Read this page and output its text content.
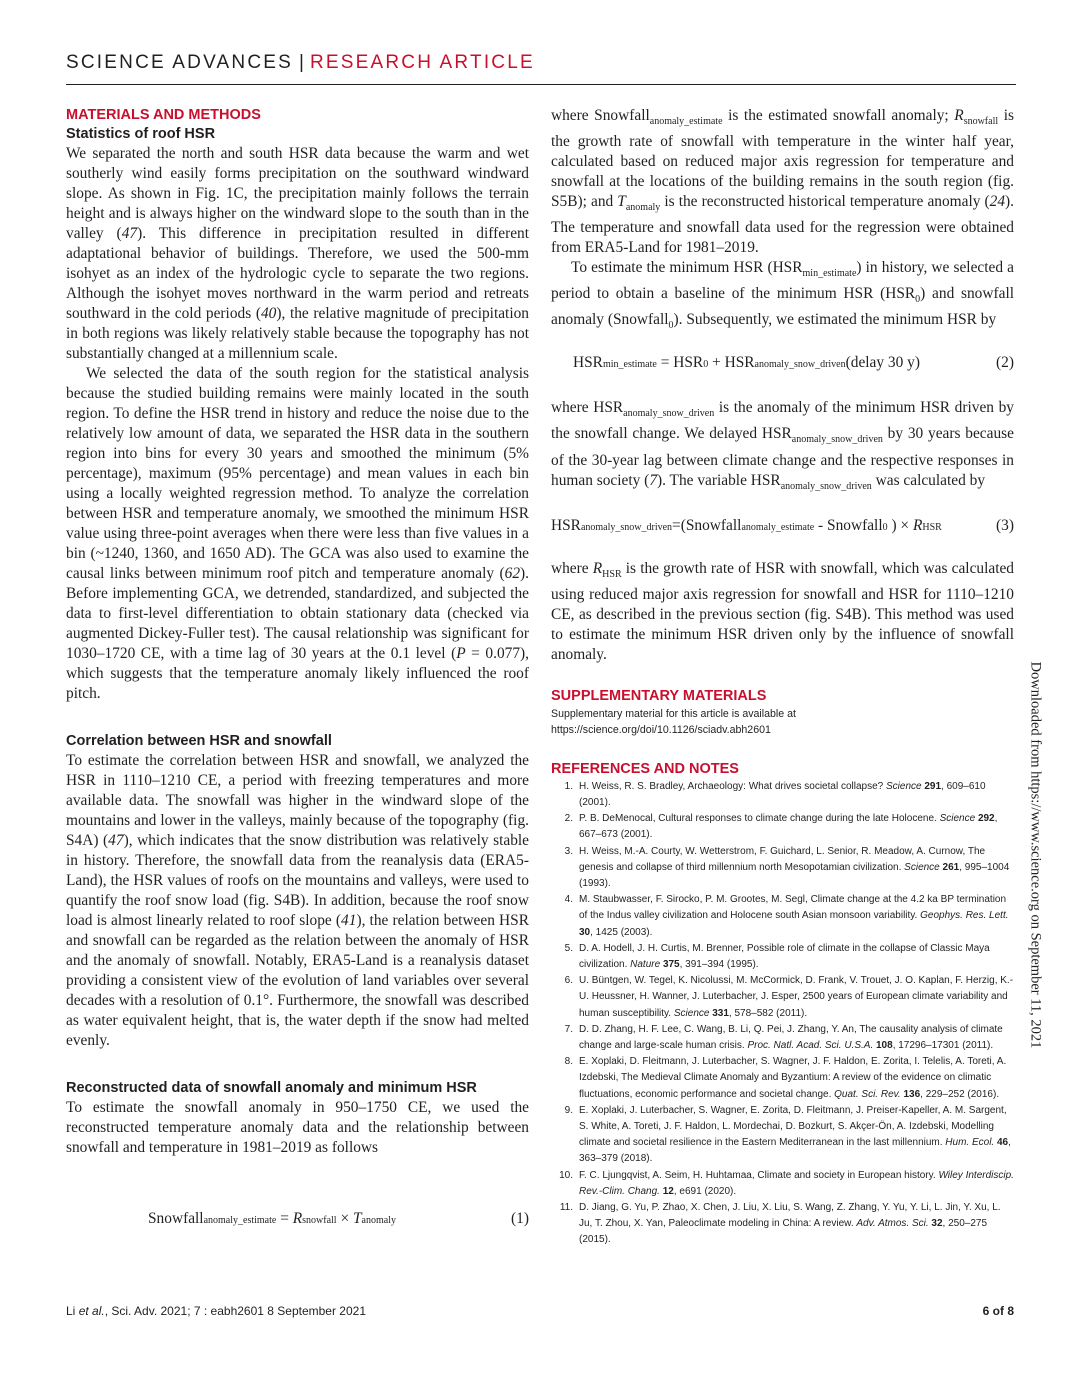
SCIENCE ADVANCES | RESEARCH ARTICLE
MATERIALS AND METHODS
Statistics of roof HSR

We separated the north and south HSR data because the warm and wet southerly wind easily forms precipitation on the southward windward slope. As shown in Fig. 1C, the precipitation mainly follows the terrain height and is always higher on the windward slope to the south than in the valley (47). This difference in precipitation resulted in different adaptational behavior of buildings. Therefore, we used the 500-mm isohyet as an index of the hydrologic cycle to separate the two regions. Although the isohyet moves northward in the warm period and retreats southward in the cold periods (40), the relative magnitude of precipitation in both regions was likely relatively stable because the topography has not substantially changed at a millennium scale.

We selected the data of the south region for the statistical analysis because the studied building remains were mainly located in the south region. To define the HSR trend in history and reduce the noise due to the relatively low amount of data, we separated the HSR data in the southern region into bins for every 30 years and smoothed the minimum (5% percentage), maximum (95% percentage) and mean values in each bin using a locally weighted regression method. To analyze the correlation between HSR and temperature anomaly, we smoothed the minimum HSR value using three-point averages when there were less than five values in a bin (~1240, 1360, and 1650 AD). The GCA was also used to examine the causal links between minimum roof pitch and temperature anomaly (62). Before implementing GCA, we detrended, standardized, and subjected the data to first-level differentiation to obtain stationary data (checked via augmented Dickey-Fuller test). The causal relationship was significant for 1030–1720 CE, with a time lag of 30 years at the 0.1 level (P = 0.077), which suggests that the temperature anomaly likely influenced the roof pitch.

Correlation between HSR and snowfall

To estimate the correlation between HSR and snowfall, we analyzed the HSR in 1110–1210 CE, a period with freezing temperatures and more available data. The snowfall was higher in the windward slope of the mountains and lower in the valleys, mainly because of the topography (fig. S4A) (47), which indicates that the snow distribution was relatively stable in history. Therefore, the snowfall data from the reanalysis data (ERA5-Land), the HSR values of roofs on the mountains and valleys, were used to quantify the roof snow load (fig. S4B). In addition, because the roof snow load is almost linearly related to roof slope (41), the relation between HSR and snowfall can be regarded as the relation between the anomaly of HSR and the anomaly of snowfall. Notably, ERA5-Land is a reanalysis dataset providing a consistent view of the evolution of land variables over several decades with a resolution of 0.1°. Furthermore, the snowfall was described as water equivalent height, that is, the water depth if the snow had melted evenly.

Reconstructed data of snowfall anomaly and minimum HSR

To estimate the snowfall anomaly in 950–1750 CE, we used the reconstructed temperature anomaly data and the relationship between snowfall and temperature in 1981–2019 as follows

Snowfall anomaly_estimate = R snowfall × T anomaly	(1)

where Snowfall$_{anomaly\_estimate}$ is the estimated snowfall anomaly; $R_{snowfall}$ is the growth rate of snowfall with temperature in the winter half year, calculated based on reduced major axis regression for temperature and snowfall at the locations of the building remains in the south region (fig. S5B); and $T_{anomaly}$ is the reconstructed historical temperature anomaly (24). The temperature and snowfall data used for the regression were obtained from ERA5-Land for 1981–2019.

To estimate the minimum HSR $(HSR_{min\_estimate})$ in history, we selected a period to obtain a baseline of the minimum HSR $(HSR_0)$ and snowfall anomaly (Snowfall$_0$). Subsequently, we estimated the minimum HSR by

HSR min_estimate = HSR 0 + HSR anomaly_snow_driven (delay 30 y)	(2)

where $HSR_{anomaly\_snow\_driven}$ is the anomaly of the minimum HSR driven by the snowfall change. We delayed $HSR_{anomaly\_snow\_driven}$ by 30 years because of the 30-year lag between climate change and the respective responses in human society (7). The variable $HSR_{anomaly\_snow\_driven}$ was calculated by

HSR anomaly_snow_driven =( Snowfall anomaly_estimate - Snowfall 0 ) × R HSR	(3)

where $R_{HSR}$ is the growth rate of HSR with snowfall, which was calculated using reduced major axis regression for snowfall and HSR for 1110–1210 CE, as described in the previous section (fig. S4B). This method was used to estimate the minimum HSR driven only by the influence of snowfall anomaly.

SUPPLEMENTARY MATERIALS

Supplementary material for this article is available at https://science.org/doi/10.1126/sciadv.abh2601

REFERENCES AND NOTES
1. H. Weiss, R. S. Bradley, Archaeology: What drives societal collapse? Science 291, 609–610 (2001).
2. P. B. DeMenocal, Cultural responses to climate change during the late Holocene. Science 292, 667–673 (2001).
3. H. Weiss, M.-A. Courty, W. Wetterstrom, F. Guichard, L. Senior, R. Meadow, A. Curnow, The genesis and collapse of third millennium north Mesopotamian civilization. Science 261, 995–1004 (1993).
4. M. Staubwasser, F. Sirocko, P. M. Grootes, M. Segl, Climate change at the 4.2 ka BP termination of the Indus valley civilization and Holocene south Asian monsoon variability. Geophys. Res. Lett. 30, 1425 (2003).
5. D. A. Hodell, J. H. Curtis, M. Brenner, Possible role of climate in the collapse of Classic Maya civilization. Nature 375, 391–394 (1995).
6. U. Büntgen, W. Tegel, K. Nicolussi, M. McCormick, D. Frank, V. Trouet, J. O. Kaplan, F. Herzig, K.-U. Heussner, H. Wanner, J. Luterbacher, J. Esper, 2500 years of European climate variability and human susceptibility. Science 331, 578–582 (2011).
7. D. D. Zhang, H. F. Lee, C. Wang, B. Li, Q. Pei, J. Zhang, Y. An, The causality analysis of climate change and large-scale human crisis. Proc. Natl. Acad. Sci. U.S.A. 108, 17296–17301 (2011).
8. E. Xoplaki, D. Fleitmann, J. Luterbacher, S. Wagner, J. F. Haldon, E. Zorita, I. Telelis, A. Toreti, A. Izdebski, The Medieval Climate Anomaly and Byzantium: A review of the evidence on climatic fluctuations, economic performance and societal change. Quat. Sci. Rev. 136, 229–252 (2016).
9. E. Xoplaki, J. Luterbacher, S. Wagner, E. Zorita, D. Fleitmann, J. Preiser-Kapeller, A. M. Sargent, S. White, A. Toreti, J. F. Haldon, L. Mordechai, D. Bozkurt, S. Akçer-Ön, A. Izdebski, Modelling climate and societal resilience in the Eastern Mediterranean in the last millennium. Hum. Ecol. 46, 363–379 (2018).
10. F. C. Ljungqvist, A. Seim, H. Huhtamaa, Climate and society in European history. Wiley Interdiscip. Rev.-Clim. Chang. 12, e691 (2020).
11. D. Jiang, G. Yu, P. Zhao, X. Chen, J. Liu, X. Liu, S. Wang, Z. Zhang, Y. Yu, Y. Li, L. Jin, Y. Xu, L. Ju, T. Zhou, X. Yan, Paleoclimate modeling in China: A review. Adv. Atmos. Sci. 32, 250–275 (2015).
Downloaded from https://www.science.org on September 11, 2021
Li et al., Sci. Adv. 2021; 7 : eabh2601 8 September 2021	6 of 8
